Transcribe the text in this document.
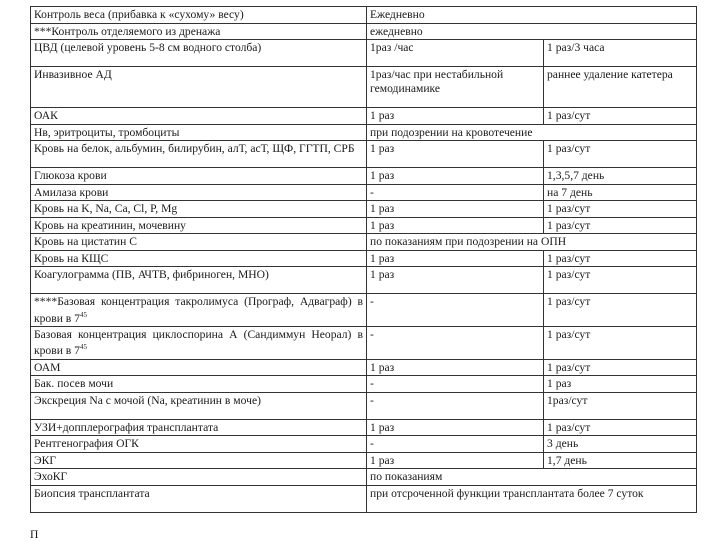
Контроль веса (прибавка к «сухому» весу)	Ежедневно	
***Контроль отделяемого из дренажа	ежедневно	
ЦВД (целевой уровень 5-8 см водного столба)	1раз /час	1 раз/3 часа
Инвазивное АД	1раз/час при нестабильной гемодинамике	раннее удаление катетера
ОАК	1 раз	1 раз/сут
Нв, эритроциты, тромбоциты	при подозрении на кровотечение	
Кровь на белок, альбумин, билирубин, алТ, асТ, ЩФ, ГГТП, СРБ	1 раз	1 раз/сут
Глюкоза крови	1 раз	1,3,5,7 день
Амилаза крови	-	на 7 день
Кровь на K, Na, Ca, Cl, P, Mg	1 раз	1 раз/сут
Кровь на креатинин, мочевину	1 раз	1 раз/сут
Кровь на цистатин С	по показаниям при подозрении на ОПН	
Кровь на КЩС	1 раз	1 раз/сут
Коагулограмма (ПВ, АЧТВ, фибриноген, МНО)	1 раз	1 раз/сут
****Базовая концентрация такролимуса (Програф, Адваграф) в крови в $7^{45}$	-	1 раз/сут
Базовая концентрация циклоспорина А (Сандиммун Неорал) в крови в $7^{45}$	-	1 раз/сут
ОАМ	1 раз	1 раз/сут
Бак. посев мочи	-	1 раз
Экскреция Na с мочой (Na, креатинин в моче)	-	1раз/сут
УЗИ+допплерография трансплантата	1 раз	1 раз/сут
Рентгенография ОГК	-	3 день
ЭКГ	1 раз	1,7 день
ЭхоКГ	по показаниям	
Биопсия трансплантата	при отсроченной функции трансплантата более 7 суток	
П
